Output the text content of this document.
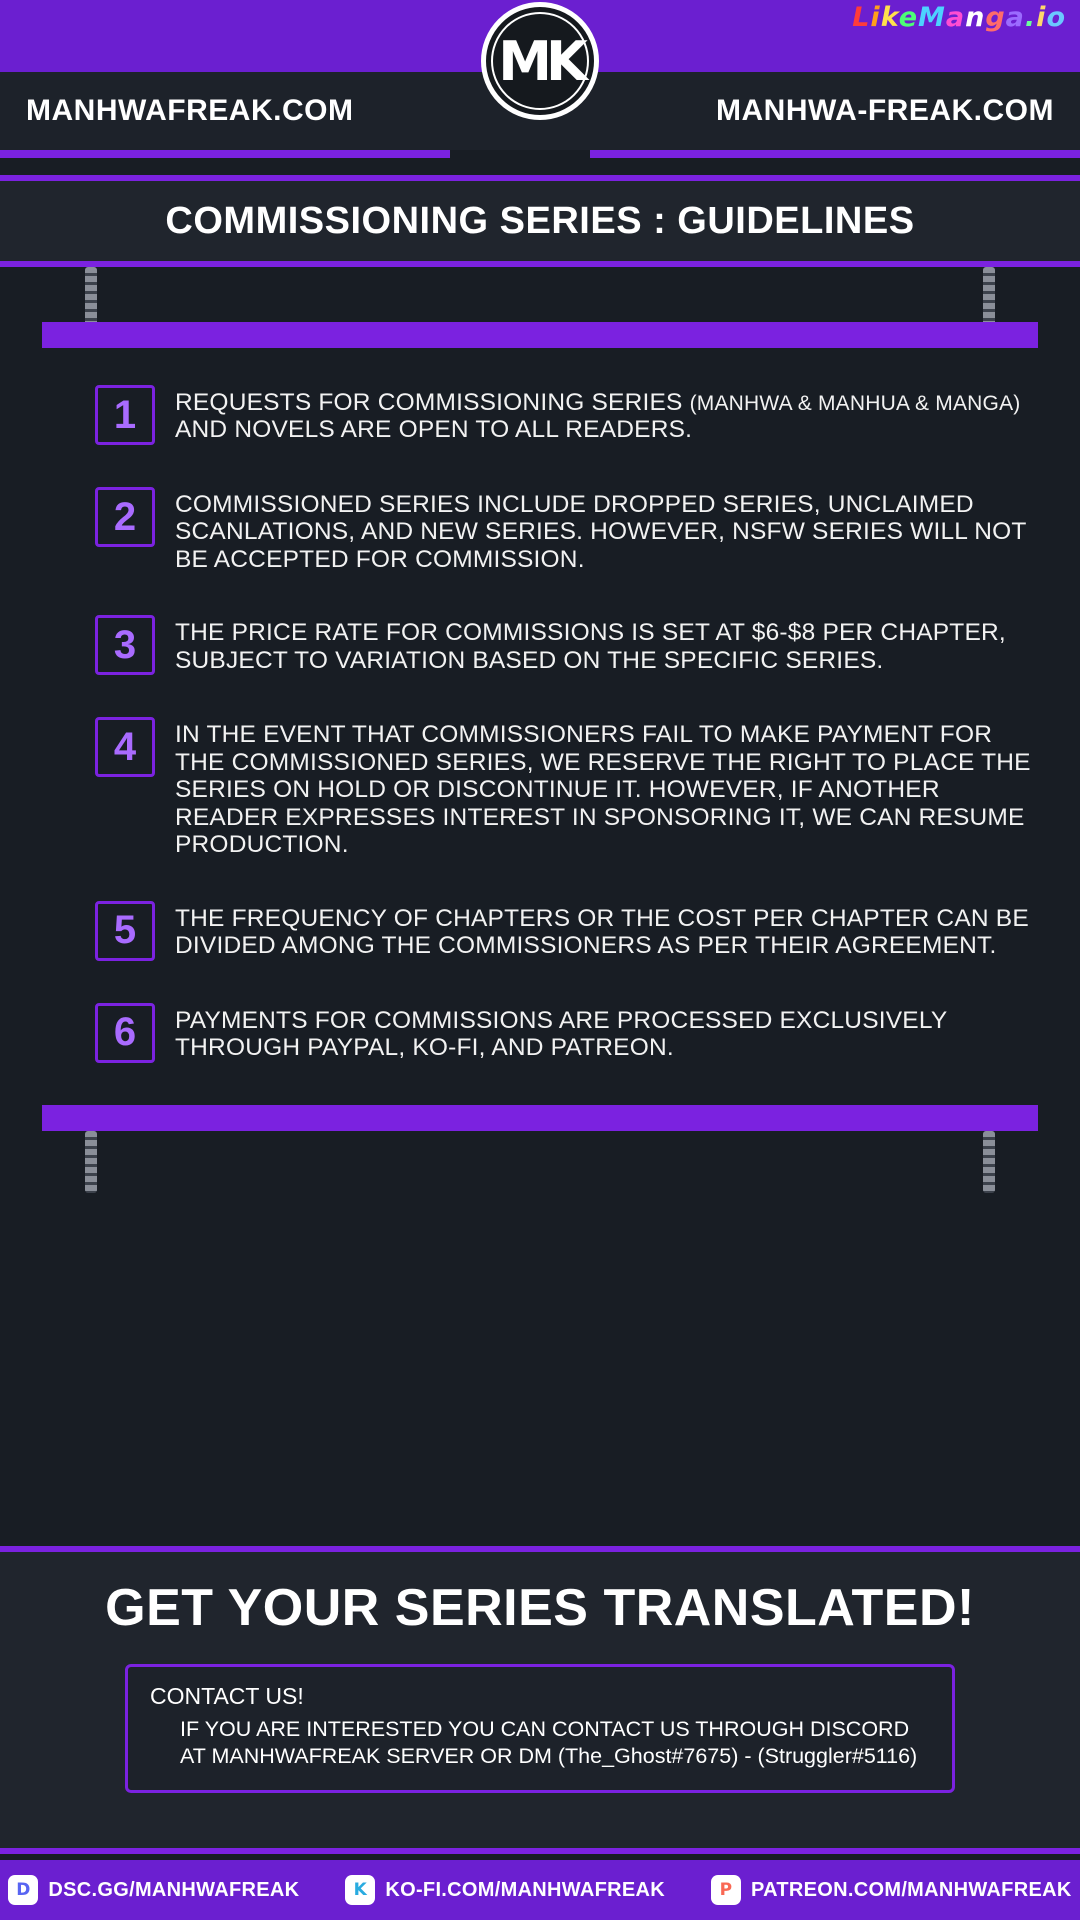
LikeManga.io
MANHWAFREAK.COM	MANHWA-FREAK.COM
MK
COMMISSIONING SERIES : GUIDELINES
1	REQUESTS FOR COMMISSIONING SERIES (MANHWA & MANHUA & MANGA) AND NOVELS ARE OPEN TO ALL READERS.
2	COMMISSIONED SERIES INCLUDE DROPPED SERIES, UNCLAIMED SCANLATIONS, AND NEW SERIES. HOWEVER, NSFW SERIES WILL NOT BE ACCEPTED FOR COMMISSION.
3	THE PRICE RATE FOR COMMISSIONS IS SET AT $6-$8 PER CHAPTER, SUBJECT TO VARIATION BASED ON THE SPECIFIC SERIES.
4	IN THE EVENT THAT COMMISSIONERS FAIL TO MAKE PAYMENT FOR THE COMMISSIONED SERIES, WE RESERVE THE RIGHT TO PLACE THE SERIES ON HOLD OR DISCONTINUE IT. HOWEVER, IF ANOTHER READER EXPRESSES INTEREST IN SPONSORING IT, WE CAN RESUME PRODUCTION.
5	THE FREQUENCY OF CHAPTERS OR THE COST PER CHAPTER CAN BE DIVIDED AMONG THE COMMISSIONERS AS PER THEIR AGREEMENT.
6	PAYMENTS FOR COMMISSIONS ARE PROCESSED EXCLUSIVELY THROUGH PAYPAL, KO-FI, AND PATREON.
GET YOUR SERIES TRANSLATED!
CONTACT US!
IF YOU ARE INTERESTED YOU CAN CONTACT US THROUGH DISCORD
AT MANHWAFREAK SERVER OR DM (The_Ghost#7675) - (Struggler#5116)
D DSC.GG/MANHWAFREAK	K KO-FI.COM/MANHWAFREAK	P PATREON.COM/MANHWAFREAK
